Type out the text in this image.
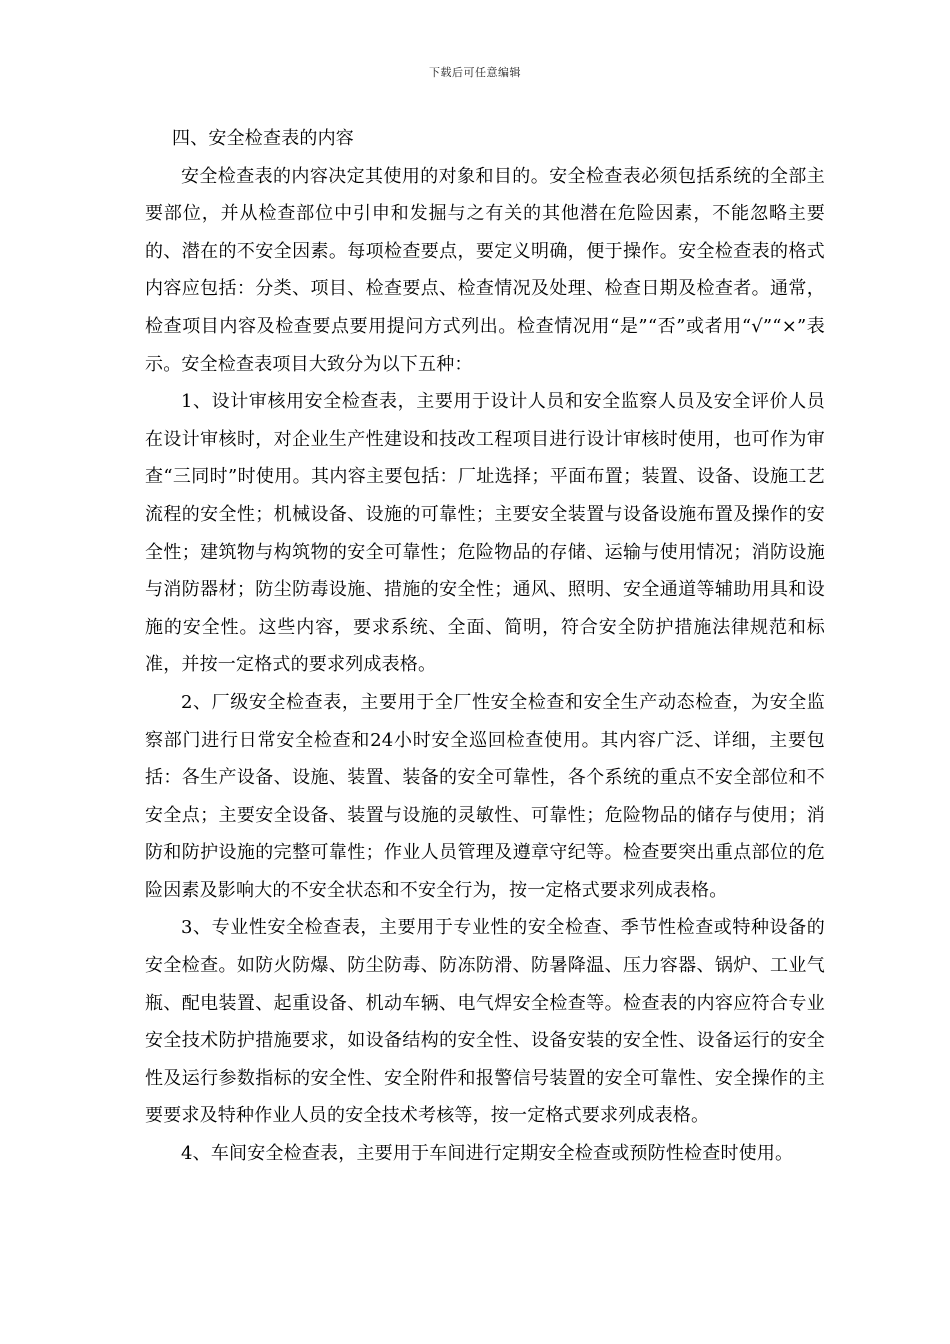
下载后可任意编辑

四、安全检查表的内容

安全检查表的内容决定其使用的对象和目的。安全检查表必须包括系统的全部主要部位，并从检查部位中引申和发掘与之有关的其他潜在危险因素，不能忽略主要的、潜在的不安全因素。每项检查要点，要定义明确，便于操作。安全检查表的格式内容应包括：分类、项目、检查要点、检查情况及处理、检查日期及检查者。通常，检查项目内容及检查要点要用提问方式列出。检查情况用“是”“否”或者用“√”“×”表示。安全检查表项目大致分为以下五种：

1、设计审核用安全检查表，主要用于设计人员和安全监察人员及安全评价人员在设计审核时，对企业生产性建设和技改工程项目进行设计审核时使用，也可作为审查“三同时”时使用。其内容主要包括：厂址选择；平面布置；装置、设备、设施工艺流程的安全性；机械设备、设施的可靠性；主要安全装置与设备设施布置及操作的安全性；建筑物与构筑物的安全可靠性；危险物品的存储、运输与使用情况；消防设施与消防器材；防尘防毒设施、措施的安全性；通风、照明、安全通道等辅助用具和设施的安全性。这些内容，要求系统、全面、简明，符合安全防护措施法律规范和标准，并按一定格式的要求列成表格。

2、厂级安全检查表，主要用于全厂性安全检查和安全生产动态检查，为安全监察部门进行日常安全检查和24小时安全巡回检查使用。其内容广泛、详细，主要包括：各生产设备、设施、装置、装备的安全可靠性，各个系统的重点不安全部位和不安全点；主要安全设备、装置与设施的灵敏性、可靠性；危险物品的储存与使用；消防和防护设施的完整可靠性；作业人员管理及遵章守纪等。检查要突出重点部位的危险因素及影响大的不安全状态和不安全行为，按一定格式要求列成表格。

3、专业性安全检查表，主要用于专业性的安全检查、季节性检查或特种设备的安全检查。如防火防爆、防尘防毒、防冻防滑、防暑降温、压力容器、锅炉、工业气瓶、配电装置、起重设备、机动车辆、电气焊安全检查等。检查表的内容应符合专业安全技术防护措施要求，如设备结构的安全性、设备安装的安全性、设备运行的安全性及运行参数指标的安全性、安全附件和报警信号装置的安全可靠性、安全操作的主要要求及特种作业人员的安全技术考核等，按一定格式要求列成表格。

4、车间安全检查表，主要用于车间进行定期安全检查或预防性检查时使用。
